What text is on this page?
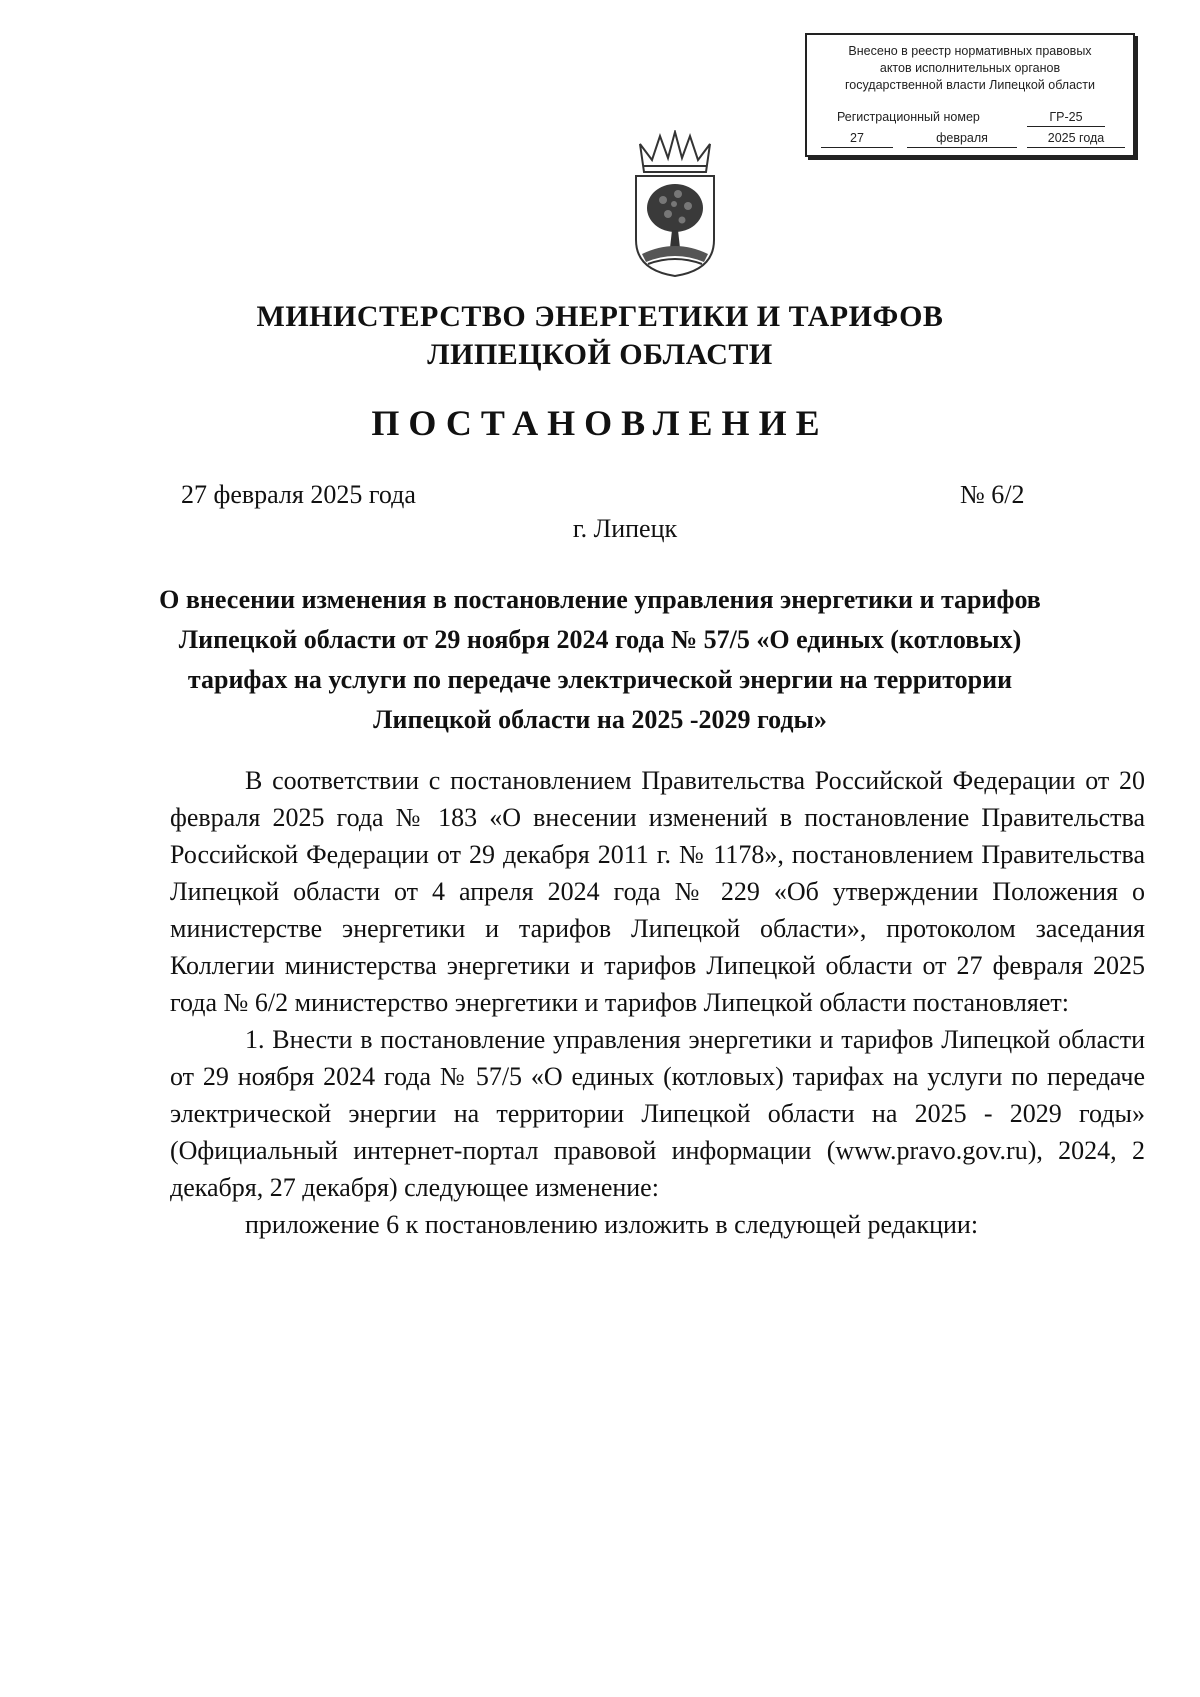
Внесено в реестр нормативных правовых
актов исполнительных органов
государственной власти Липецкой области
Регистрационный номер	ГР-25
27	февраля	2025 года
МИНИСТЕРСТВО ЭНЕРГЕТИКИ И ТАРИФОВ
ЛИПЕЦКОЙ ОБЛАСТИ
ПОСТАНОВЛЕНИЕ
27 февраля 2025 года	№ 6/2
г. Липецк
О внесении изменения в постановление управления энергетики и тарифов Липецкой области от 29 ноября 2024 года № 57/5 «О единых (котловых) тарифах на услуги по передаче электрической энергии на территории Липецкой области на 2025 -2029 годы»

В соответствии с постановлением Правительства Российской Федерации от 20 февраля 2025 года № 183 «О внесении изменений в постановление Правительства Российской Федерации от 29 декабря 2011 г. № 1178», постановлением Правительства Липецкой области от 4 апреля 2024 года № 229 «Об утверждении Положения о министерстве энергетики и тарифов Липецкой области», протоколом заседания Коллегии министерства энергетики и тарифов Липецкой области от 27 февраля 2025 года № 6/2 министерство энергетики и тарифов Липецкой области постановляет:

1. Внести в постановление управления энергетики и тарифов Липецкой области от 29 ноября 2024 года № 57/5 «О единых (котловых) тарифах на услуги по передаче электрической энергии на территории Липецкой области на 2025 - 2029 годы» (Официальный интернет-портал правовой информации (www.pravo.gov.ru), 2024, 2 декабря, 27 декабря) следующее изменение:

приложение 6 к постановлению изложить в следующей редакции:
